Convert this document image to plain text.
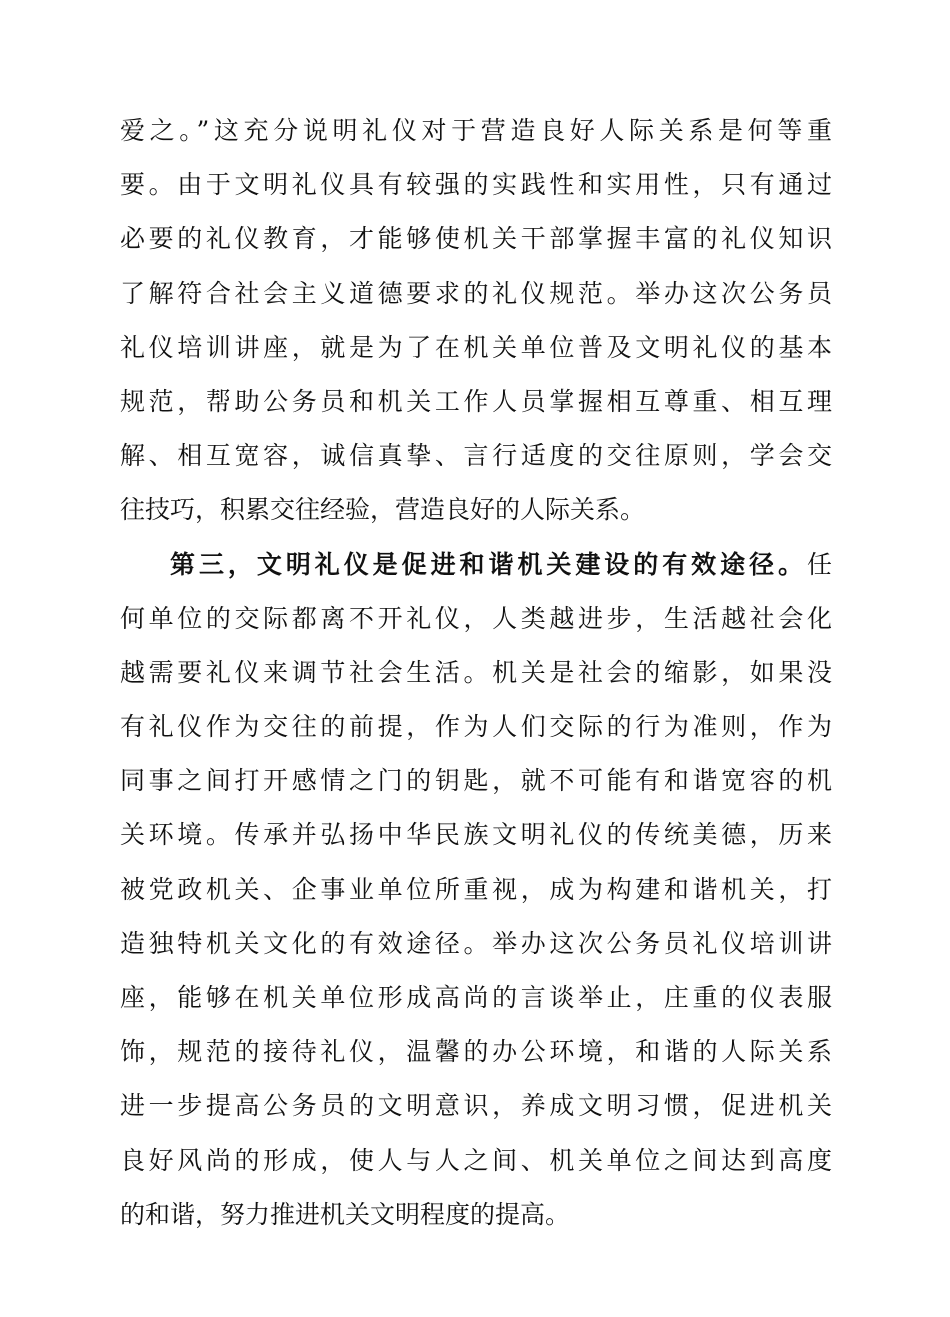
爱之。”这充分说明礼仪对于营造良好人际关系是何等重
要。由于文明礼仪具有较强的实践性和实用性，只有通过
必要的礼仪教育，才能够使机关干部掌握丰富的礼仪知识
了解符合社会主义道德要求的礼仪规范。举办这次公务员
礼仪培训讲座，就是为了在机关单位普及文明礼仪的基本
规范，帮助公务员和机关工作人员掌握相互尊重、相互理
解、相互宽容，诚信真挚、言行适度的交往原则，学会交
往技巧，积累交往经验，营造良好的人际关系。
第三，文明礼仪是促进和谐机关建设的有效途径。任
何单位的交际都离不开礼仪，人类越进步，生活越社会化
越需要礼仪来调节社会生活。机关是社会的缩影，如果没
有礼仪作为交往的前提，作为人们交际的行为准则，作为
同事之间打开感情之门的钥匙，就不可能有和谐宽容的机
关环境。传承并弘扬中华民族文明礼仪的传统美德，历来
被党政机关、企事业单位所重视，成为构建和谐机关，打
造独特机关文化的有效途径。举办这次公务员礼仪培训讲
座，能够在机关单位形成高尚的言谈举止，庄重的仪表服
饰，规范的接待礼仪，温馨的办公环境，和谐的人际关系
进一步提高公务员的文明意识，养成文明习惯，促进机关
良好风尚的形成，使人与人之间、机关单位之间达到高度
的和谐，努力推进机关文明程度的提高。
